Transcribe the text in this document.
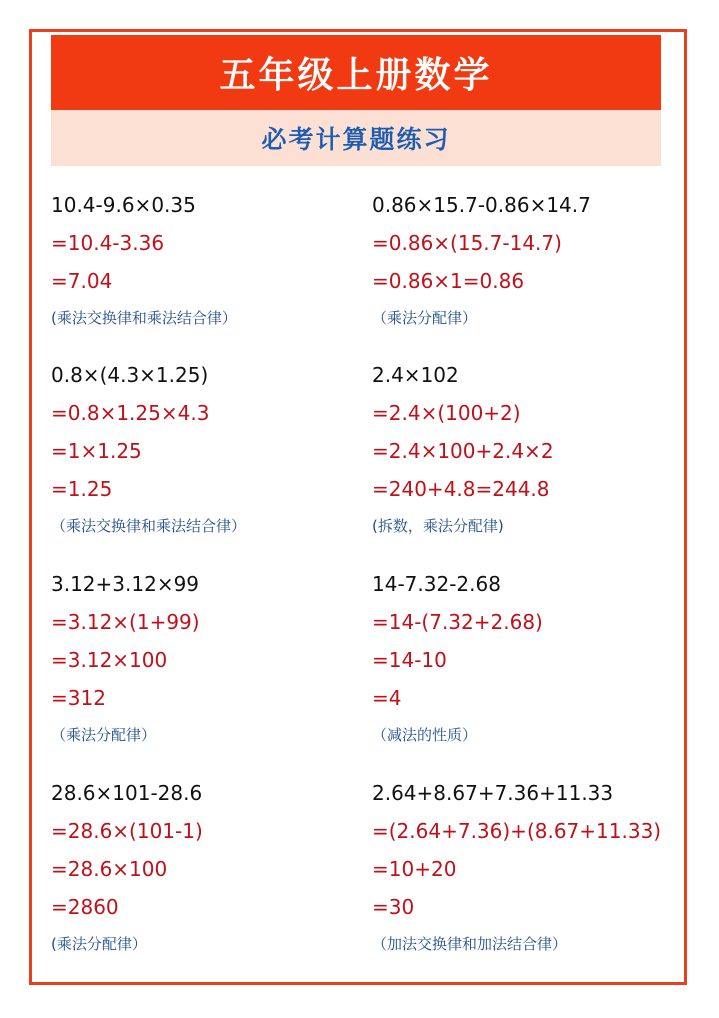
五年级上册数学
必考计算题练习
10.4-9.6×0.35
=10.4-3.36
=7.04
(乘法交换律和乘法结合律）
0.86×15.7-0.86×14.7
=0.86×(15.7-14.7)
=0.86×1=0.86
（乘法分配律）
0.8×(4.3×1.25)
=0.8×1.25×4.3
=1×1.25
=1.25
（乘法交换律和乘法结合律）
2.4×102
=2.4×(100+2)
=2.4×100+2.4×2
=240+4.8=244.8
(拆数，乘法分配律)
3.12+3.12×99
=3.12×(1+99)
=3.12×100
=312
（乘法分配律）
14-7.32-2.68
=14-(7.32+2.68)
=14-10
=4
（减法的性质）
28.6×101-28.6
=28.6×(101-1)
=28.6×100
=2860
(乘法分配律）
2.64+8.67+7.36+11.33
=(2.64+7.36)+(8.67+11.33)
=10+20
=30
（加法交换律和加法结合律）
